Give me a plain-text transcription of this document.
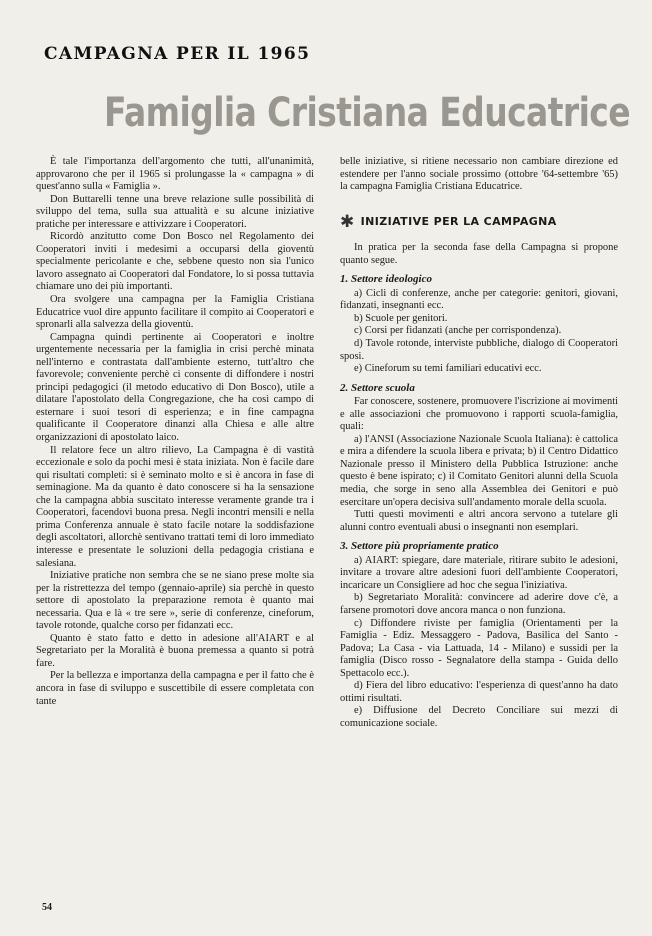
CAMPAGNA PER IL 1965
Famiglia Cristiana Educatrice

È tale l'importanza dell'argomento che tutti, all'unanimità, approvarono che per il 1965 si prolungasse la « campagna » di quest'anno sulla « Famiglia ».

Don Buttarelli tenne una breve relazione sulle possibilità di sviluppo del tema, sulla sua attualità e su alcune iniziative pratiche per interessare e attivizzare i Cooperatori.

Ricordò anzitutto come Don Bosco nel Regolamento dei Cooperatori inviti i medesimi a occuparsi della gioventù specialmente pericolante e che, sebbene questo non sia l'unico lavoro assegnato ai Cooperatori dal Fondatore, lo si possa tuttavia chiamare uno dei più importanti.

Ora svolgere una campagna per la Famiglia Cristiana Educatrice vuol dire appunto facilitare il compito ai Cooperatori e spronarli alla salvezza della gioventù.

Campagna quindi pertinente ai Cooperatori e inoltre urgentemente necessaria per la famiglia in crisi perchè minata nell'interno e contrastata dall'ambiente esterno, tutt'altro che favorevole; conveniente perchè ci consente di diffondere i nostri principi pedagogici (il metodo educativo di Don Bosco), utile a dilatare l'apostolato della Congregazione, che ha così campo di esternare i suoi tesori di esperienza; e in fine campagna qualificante il Cooperatore dinanzi alla Chiesa e alle altre organizzazioni di apostolato laico.

Il relatore fece un altro rilievo, La Campagna è di vastità eccezionale e solo da pochi mesi è stata iniziata. Non è facile dare qui risultati completi: si è seminato molto e si è ancora in fase di seminagione. Ma da quanto è dato conoscere si ha la sensazione che la campagna abbia suscitato interesse veramente grande tra i Cooperatori, facendovi buona presa. Negli incontri mensili e nella prima Conferenza annuale è stato facile notare la soddisfazione degli ascoltatori, allorchè sentivano trattati temi di loro immediato interesse e presentate le soluzioni della pedagogia cristiana e salesiana.

Iniziative pratiche non sembra che se ne siano prese molte sia per la ristrettezza del tempo (gennaio-aprile) sia perchè in questo settore di apostolato la preparazione remota è quanto mai necessaria. Qua e là « tre sere », serie di conferenze, cineforum, tavole rotonde, qualche corso per fidanzati ecc.

Quanto è stato fatto e detto in adesione all'AIART e al Segretariato per la Moralità è buona premessa a quanto si potrà fare.

Per la bellezza e importanza della campagna e per il fatto che è ancora in fase di sviluppo e suscettibile di essere completata con tante

belle iniziative, si ritiene necessario non cambiare direzione ed estendere per l'anno sociale prossimo (ottobre '64-settembre '65) la campagna Famiglia Cristiana Educatrice.

✱ INIZIATIVE PER LA CAMPAGNA

In pratica per la seconda fase della Campagna si propone quanto segue.

1. Settore ideologico

a) Cicli di conferenze, anche per categorie: genitori, giovani, fidanzati, insegnanti ecc.

b) Scuole per genitori.

c) Corsi per fidanzati (anche per corrispondenza).

d) Tavole rotonde, interviste pubbliche, dialogo di Cooperatori sposi.

e) Cineforum su temi familiari educativi ecc.

2. Settore scuola

Far conoscere, sostenere, promuovere l'iscrizione ai movimenti e alle associazioni che promuovono i rapporti scuola-famiglia, quali:

a) l'ANSI (Associazione Nazionale Scuola Italiana): è cattolica e mira a difendere la scuola libera e privata; b) il Centro Didattico Nazionale presso il Ministero della Pubblica Istruzione: anche questo è bene ispirato; c) il Comitato Genitori alunni della Scuola media, che sorge in seno alla Assemblea dei Genitori e può esercitare un'opera decisiva sull'andamento morale della scuola.

Tutti questi movimenti e altri ancora servono a tutelare gli alunni contro eventuali abusi o insegnanti non esemplari.

3. Settore più propriamente pratico

a) AIART: spiegare, dare materiale, ritirare subito le adesioni, invitare a trovare altre adesioni fuori dell'ambiente Cooperatori, incaricare un Consigliere ad hoc che segua l'iniziativa.

b) Segretariato Moralità: convincere ad aderire dove c'è, a farsene promotori dove ancora manca o non funziona.

c) Diffondere riviste per famiglia (Orientamenti per la Famiglia - Ediz. Messaggero - Padova, Basilica del Santo - Padova; La Casa - via Lattuada, 14 - Milano) e sussidi per la famiglia (Disco rosso - Segnalatore della stampa - Guida dello Spettacolo ecc.).

d) Fiera del libro educativo: l'esperienza di quest'anno ha dato ottimi risultati.

e) Diffusione del Decreto Conciliare sui mezzi di comunicazione sociale.

54
